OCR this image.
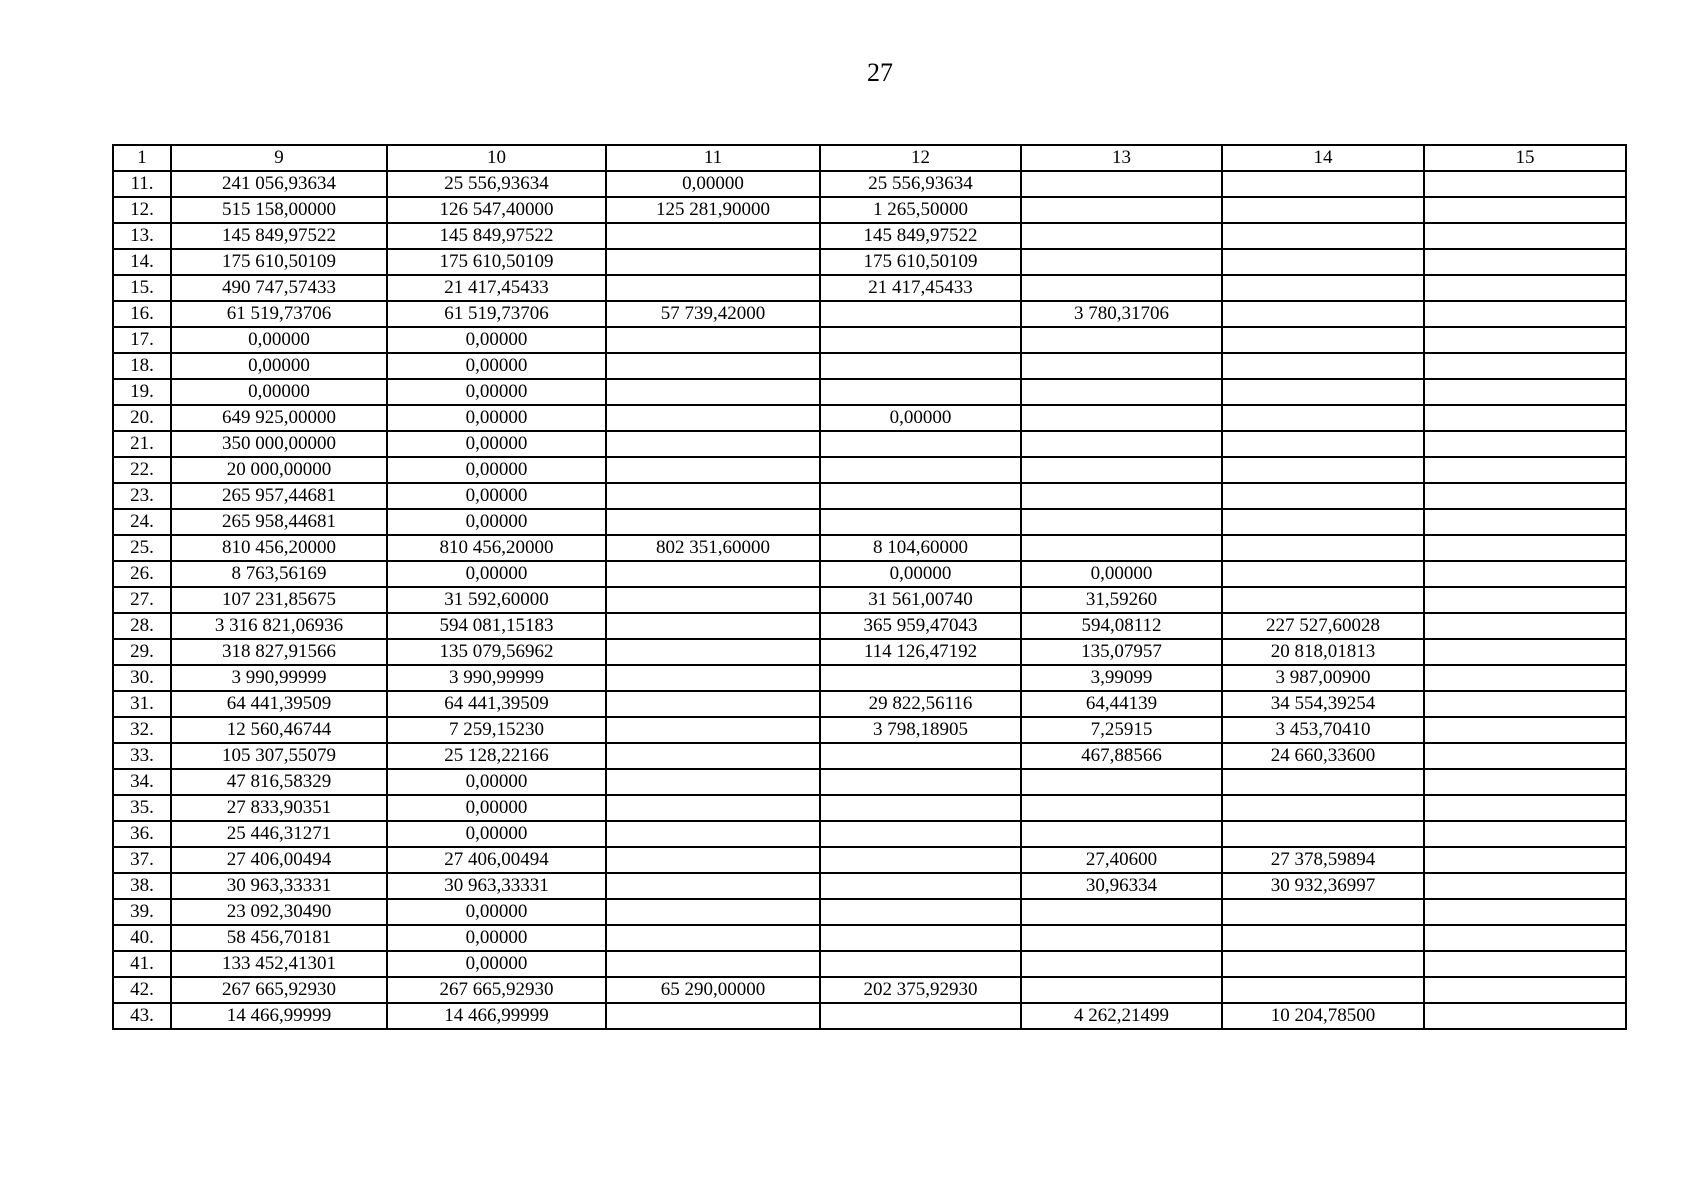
27
1	9	10	11	12	13	14	15
11.	241 056,93634	25 556,93634	0,00000	25 556,93634			
12.	515 158,00000	126 547,40000	125 281,90000	1 265,50000			
13.	145 849,97522	145 849,97522		145 849,97522			
14.	175 610,50109	175 610,50109		175 610,50109			
15.	490 747,57433	21 417,45433		21 417,45433			
16.	61 519,73706	61 519,73706	57 739,42000		3 780,31706		
17.	0,00000	0,00000					
18.	0,00000	0,00000					
19.	0,00000	0,00000					
20.	649 925,00000	0,00000		0,00000			
21.	350 000,00000	0,00000					
22.	20 000,00000	0,00000					
23.	265 957,44681	0,00000					
24.	265 958,44681	0,00000					
25.	810 456,20000	810 456,20000	802 351,60000	8 104,60000			
26.	8 763,56169	0,00000		0,00000	0,00000		
27.	107 231,85675	31 592,60000		31 561,00740	31,59260		
28.	3 316 821,06936	594 081,15183		365 959,47043	594,08112	227 527,60028	
29.	318 827,91566	135 079,56962		114 126,47192	135,07957	20 818,01813	
30.	3 990,99999	3 990,99999			3,99099	3 987,00900	
31.	64 441,39509	64 441,39509		29 822,56116	64,44139	34 554,39254	
32.	12 560,46744	7 259,15230		3 798,18905	7,25915	3 453,70410	
33.	105 307,55079	25 128,22166			467,88566	24 660,33600	
34.	47 816,58329	0,00000					
35.	27 833,90351	0,00000					
36.	25 446,31271	0,00000					
37.	27 406,00494	27 406,00494			27,40600	27 378,59894	
38.	30 963,33331	30 963,33331			30,96334	30 932,36997	
39.	23 092,30490	0,00000					
40.	58 456,70181	0,00000					
41.	133 452,41301	0,00000					
42.	267 665,92930	267 665,92930	65 290,00000	202 375,92930			
43.	14 466,99999	14 466,99999			4 262,21499	10 204,78500	
